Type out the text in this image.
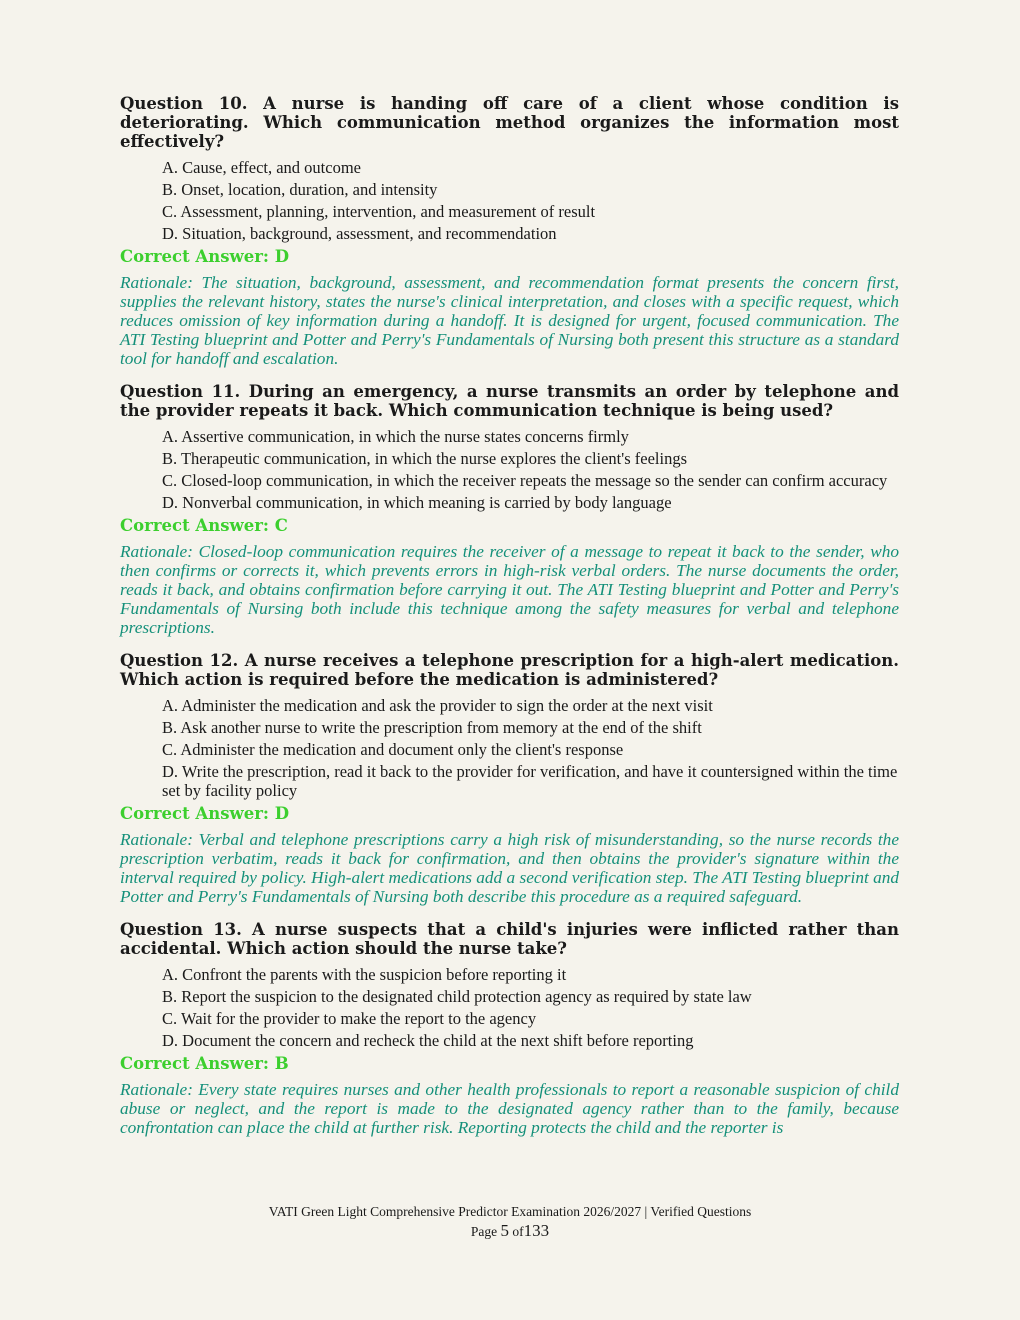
Question 10. A nurse is handing off care of a client whose condition is deteriorating. Which communication method organizes the information most effectively?

A. Cause, effect, and outcome
B. Onset, location, duration, and intensity
C. Assessment, planning, intervention, and measurement of result
D. Situation, background, assessment, and recommendation

Correct Answer: D

Rationale: The situation, background, assessment, and recommendation format presents the concern first, supplies the relevant history, states the nurse's clinical interpretation, and closes with a specific request, which reduces omission of key information during a handoff. It is designed for urgent, focused communication. The ATI Testing blueprint and Potter and Perry's Fundamentals of Nursing both present this structure as a standard tool for handoff and escalation.

Question 11. During an emergency, a nurse transmits an order by telephone and the provider repeats it back. Which communication technique is being used?

A. Assertive communication, in which the nurse states concerns firmly
B. Therapeutic communication, in which the nurse explores the client's feelings
C. Closed-loop communication, in which the receiver repeats the message so the sender can confirm accuracy
D. Nonverbal communication, in which meaning is carried by body language

Correct Answer: C

Rationale: Closed-loop communication requires the receiver of a message to repeat it back to the sender, who then confirms or corrects it, which prevents errors in high-risk verbal orders. The nurse documents the order, reads it back, and obtains confirmation before carrying it out. The ATI Testing blueprint and Potter and Perry's Fundamentals of Nursing both include this technique among the safety measures for verbal and telephone prescriptions.

Question 12. A nurse receives a telephone prescription for a high-alert medication. Which action is required before the medication is administered?

A. Administer the medication and ask the provider to sign the order at the next visit
B. Ask another nurse to write the prescription from memory at the end of the shift
C. Administer the medication and document only the client's response
D. Write the prescription, read it back to the provider for verification, and have it countersigned within the time set by facility policy

Correct Answer: D

Rationale: Verbal and telephone prescriptions carry a high risk of misunderstanding, so the nurse records the prescription verbatim, reads it back for confirmation, and then obtains the provider's signature within the interval required by policy. High-alert medications add a second verification step. The ATI Testing blueprint and Potter and Perry's Fundamentals of Nursing both describe this procedure as a required safeguard.

Question 13. A nurse suspects that a child's injuries were inflicted rather than accidental. Which action should the nurse take?

A. Confront the parents with the suspicion before reporting it
B. Report the suspicion to the designated child protection agency as required by state law
C. Wait for the provider to make the report to the agency
D. Document the concern and recheck the child at the next shift before reporting

Correct Answer: B

Rationale: Every state requires nurses and other health professionals to report a reasonable suspicion of child abuse or neglect, and the report is made to the designated agency rather than to the family, because confrontation can place the child at further risk. Reporting protects the child and the reporter is

VATI Green Light Comprehensive Predictor Examination 2026/2027 | Verified Questions
Page 5 of133
